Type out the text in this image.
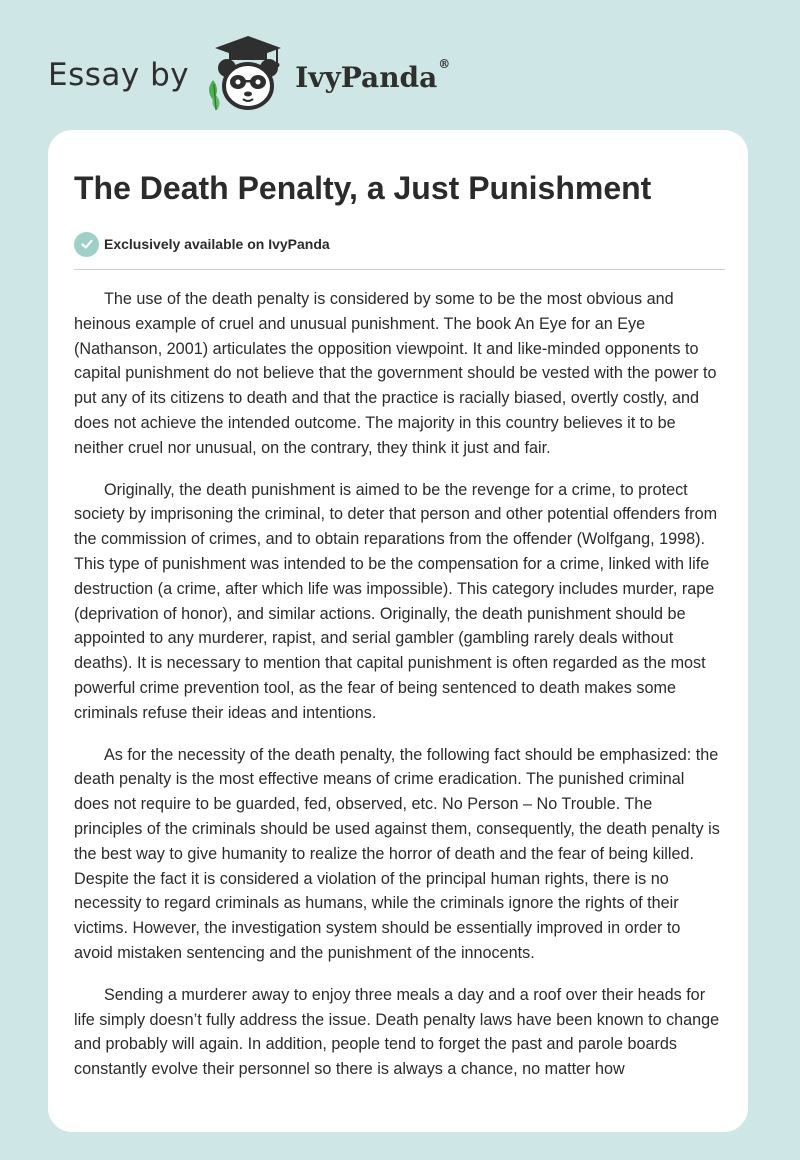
Essay by	IvyPanda®
The Death Penalty, a Just Punishment
Exclusively available on IvyPanda

The use of the death penalty is considered by some to be the most obvious and heinous example of cruel and unusual punishment. The book An Eye for an Eye (Nathanson, 2001) articulates the opposition viewpoint. It and like-minded opponents to capital punishment do not believe that the government should be vested with the power to put any of its citizens to death and that the practice is racially biased, overtly costly, and does not achieve the intended outcome. The majority in this country believes it to be neither cruel nor unusual, on the contrary, they think it just and fair.

Originally, the death punishment is aimed to be the revenge for a crime, to protect society by imprisoning the criminal, to deter that person and other potential offenders from the commission of crimes, and to obtain reparations from the offender (Wolfgang, 1998). This type of punishment was intended to be the compensation for a crime, linked with life destruction (a crime, after which life was impossible). This category includes murder, rape (deprivation of honor), and similar actions. Originally, the death punishment should be appointed to any murderer, rapist, and serial gambler (gambling rarely deals without deaths). It is necessary to mention that capital punishment is often regarded as the most powerful crime prevention tool, as the fear of being sentenced to death makes some criminals refuse their ideas and intentions.

As for the necessity of the death penalty, the following fact should be emphasized: the death penalty is the most effective means of crime eradication. The punished criminal does not require to be guarded, fed, observed, etc. No Person – No Trouble. The principles of the criminals should be used against them, consequently, the death penalty is the best way to give humanity to realize the horror of death and the fear of being killed. Despite the fact it is considered a violation of the principal human rights, there is no necessity to regard criminals as humans, while the criminals ignore the rights of their victims. However, the investigation system should be essentially improved in order to avoid mistaken sentencing and the punishment of the innocents.

Sending a murderer away to enjoy three meals a day and a roof over their heads for life simply doesn’t fully address the issue. Death penalty laws have been known to change and probably will again. In addition, people tend to forget the past and parole boards constantly evolve their personnel so there is always a chance, no matter how
